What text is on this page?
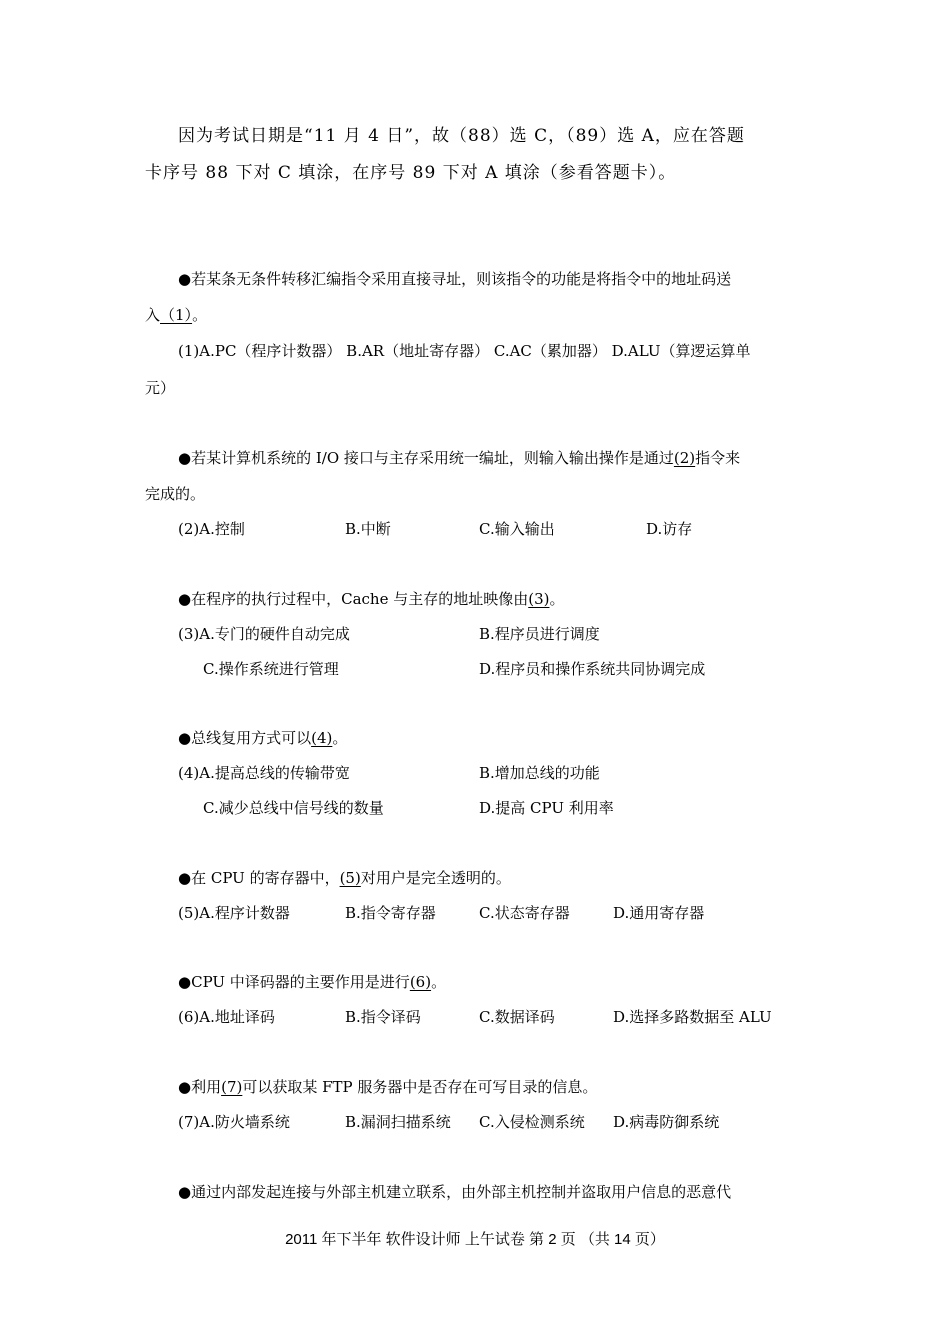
因为考试日期是“11 月 4 日”，故（88）选 C，（89）选 A，应在答题
卡序号 88 下对 C 填涂，在序号 89 下对 A 填涂（参看答题卡）。
●若某条无条件转移汇编指令采用直接寻址，则该指令的功能是将指令中的地址码送
入（1）。
(1)A.PC（程序计数器） B.AR（地址寄存器） C.AC（累加器） D.ALU（算逻运算单
元）
●若某计算机系统的 I/O 接口与主存采用统一编址，则输入输出操作是通过(2)指令来
完成的。
(2)A.控制	B.中断	C.输入输出	D.访存
●在程序的执行过程中，Cache 与主存的地址映像由(3)。
(3)A.专门的硬件自动完成	B.程序员进行调度
C.操作系统进行管理	D.程序员和操作系统共同协调完成
●总线复用方式可以(4)。
(4)A.提高总线的传输带宽	B.增加总线的功能
C.减少总线中信号线的数量	D.提高 CPU 利用率
●在 CPU 的寄存器中，(5)对用户是完全透明的。
(5)A.程序计数器	B.指令寄存器	C.状态寄存器	D.通用寄存器
●CPU 中译码器的主要作用是进行(6)。
(6)A.地址译码	B.指令译码	C.数据译码	D.选择多路数据至 ALU
●利用(7)可以获取某 FTP 服务器中是否存在可写目录的信息。
(7)A.防火墙系统	B.漏洞扫描系统 C.入侵检测系统 D.病毒防御系统
●通过内部发起连接与外部主机建立联系，由外部主机控制并盗取用户信息的恶意代
2011 年下半年 软件设计师 上午试卷 第 2 页 （共 14 页）
